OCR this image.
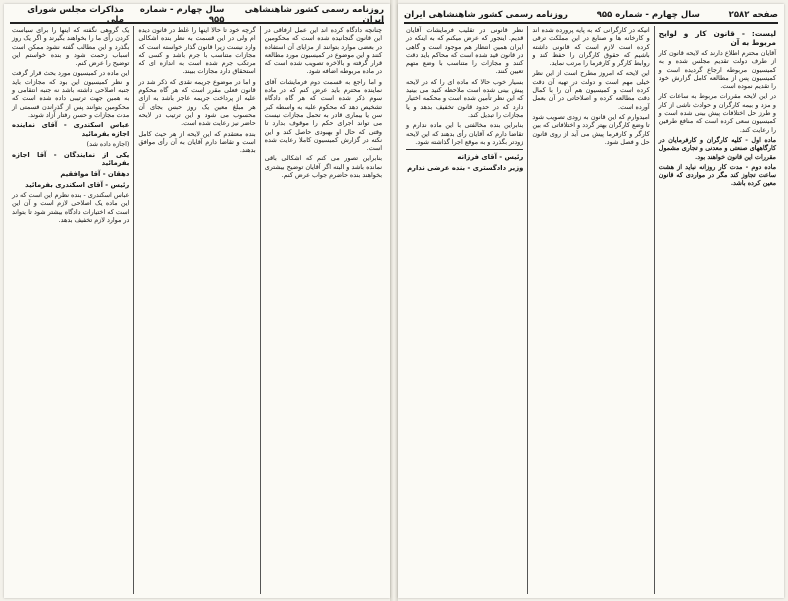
روزنامه رسمی کشور شاهنشاهی ایران
سال چهارم - شماره ۹۵۵
مذاکرات مجلس شورای ملی

چنانچه دادگاه کرده اند این عمل ارفاقی در این قانون گنجانیده شده است که محکومین در بعضی موارد بتوانند از مزایای آن استفاده کنند و این موضوع در کمیسیون مورد مطالعه قرار گرفته و بالاخره تصویب شده است که در ماده مربوطه اضافه شود.

و اما راجع به قسمت دوم فرمایشات آقای نماینده محترم باید عرض کنم که در ماده سوم ذکر شده است که هر گاه دادگاه تشخیص دهد که محکوم علیه به واسطه کبر سن یا بیماری قادر به تحمل مجازات نیست می تواند اجرای حکم را موقوف بدارد تا وقتی که حال او بهبودی حاصل کند و این نکته در گزارش کمیسیون کاملا رعایت شده است.

بنابراین تصور می کنم که اشکالی باقی نمانده باشد و البته اگر آقایان توضیح بیشتری بخواهند بنده حاضرم جواب عرض کنم.

گرچه خود تا حالا اینها را غلط در قانون دیده ام ولی در این قسمت به نظر بنده اشکالی وارد نیست زیرا قانون گذار خواسته است که مجازات متناسب با جرم باشد و کسی که مرتکب جرم شده است به اندازه ای که استحقاق دارد مجازات ببیند.

و اما در موضوع جریمه نقدی که ذکر شد در قانون فعلی مقرر است که هر گاه محکوم علیه از پرداخت جریمه عاجز باشد به ازای هر مبلغ معین یک روز حبس بجای آن محسوب می شود و این ترتیب در لایحه حاضر نیز رعایت شده است.

بنده معتقدم که این لایحه از هر حیث کامل است و تقاضا دارم آقایان به آن رأی موافق بدهند.

یک گروهی نگفته که اینها را برای سیاست کردن رأی ما را بخواهند بگیرند و اگر یک روز بگذرد و این مطالب گفته نشود ممکن است اسباب زحمت شود و بنده خواستم این توضیح را عرض کنم.

این ماده در کمیسیون مورد بحث قرار گرفت و نظر کمیسیون این بود که مجازات باید جنبه اصلاحی داشته باشد نه جنبه انتقامی و به همین جهت ترتیبی داده شده است که محکومین بتوانند پس از گذراندن قسمتی از مدت مجازات و حسن رفتار آزاد شوند.

عباس اسکندری - آقای نماینده اجازه بفرمائید

(اجازه داده شد)

یکی از نمایندگان - آقا اجازه بفرمائید
دهقان - آقا موافقیم
رئیس - آقای اسکندری بفرمائید

عباس اسکندری - بنده نظرم این است که در این ماده یک اصلاحی لازم است و آن این است که اختیارات دادگاه بیشتر شود تا بتواند در موارد لازم تخفیف بدهد.

صفحه ۲۵۸۲
سال چهارم - شماره ۹۵۵
روزنامه رسمی کشور شاهنشاهی ایران
لیست: - قانون کار و لوایح مربوط به آن

آقایان محترم اطلاع دارند که لایحه قانون کار از طرف دولت تقدیم مجلس شده و به کمیسیون مربوطه ارجاع گردیده است و کمیسیون پس از مطالعه کامل گزارش خود را تقدیم نموده است.

در این لایحه مقررات مربوط به ساعات کار و مزد و بیمه کارگران و حوادث ناشی از کار و طرز حل اختلافات پیش بینی شده است و کمیسیون سعی کرده است که منافع طرفین را رعایت کند.

ماده اول - کلیه کارگران و کارفرمایان در کارگاههای صنعتی و معدنی و تجاری مشمول مقررات این قانون خواهند بود.

ماده دوم - مدت کار روزانه نباید از هشت ساعت تجاوز کند مگر در مواردی که قانون معین کرده باشد.

انیکه در کارگرانی که به پایه پرورده شده اند و کارخانه ها و صنایع در این مملکت ترقی کرده است لازم است که قانونی داشته باشیم که حقوق کارگران را حفظ کند و روابط کارگر و کارفرما را مرتب نماید.

این لایحه که امروز مطرح است از این نظر خیلی مهم است و دولت در تهیه آن دقت کرده است و کمیسیون هم آن را با کمال دقت مطالعه کرده و اصلاحاتی در آن بعمل آورده است.

امیدوارم که این قانون به زودی تصویب شود تا وضع کارگران بهتر گردد و اختلافاتی که بین کارگر و کارفرما پیش می آید از روی قانون حل و فصل شود.

نظر قانونی در تقلیب فرمایشات آقایان قدیم. اینجور که عرض میکنم که به اینکه در ایران همین انتظار هم موجود است و گاهی در قانون قید شده است که محاکم باید دقت کنند و مجازات را متناسب با وضع متهم تعیین کنند.

بسیار خوب حالا که ماده ای را که در لایحه پیش بینی شده است ملاحظه کنید می بینید که این نظر تأمین شده است و محکمه اختیار دارد که در حدود قانون تخفیف بدهد و یا مجازات را تبدیل کند.

بنابراین بنده مخالفتی با این ماده ندارم و تقاضا دارم که آقایان رأی بدهند که این لایحه زودتر بگذرد و به موقع اجرا گذاشته شود.

رئیس - آقای فرزانه
وزیر دادگستری - بنده عرضی ندارم
